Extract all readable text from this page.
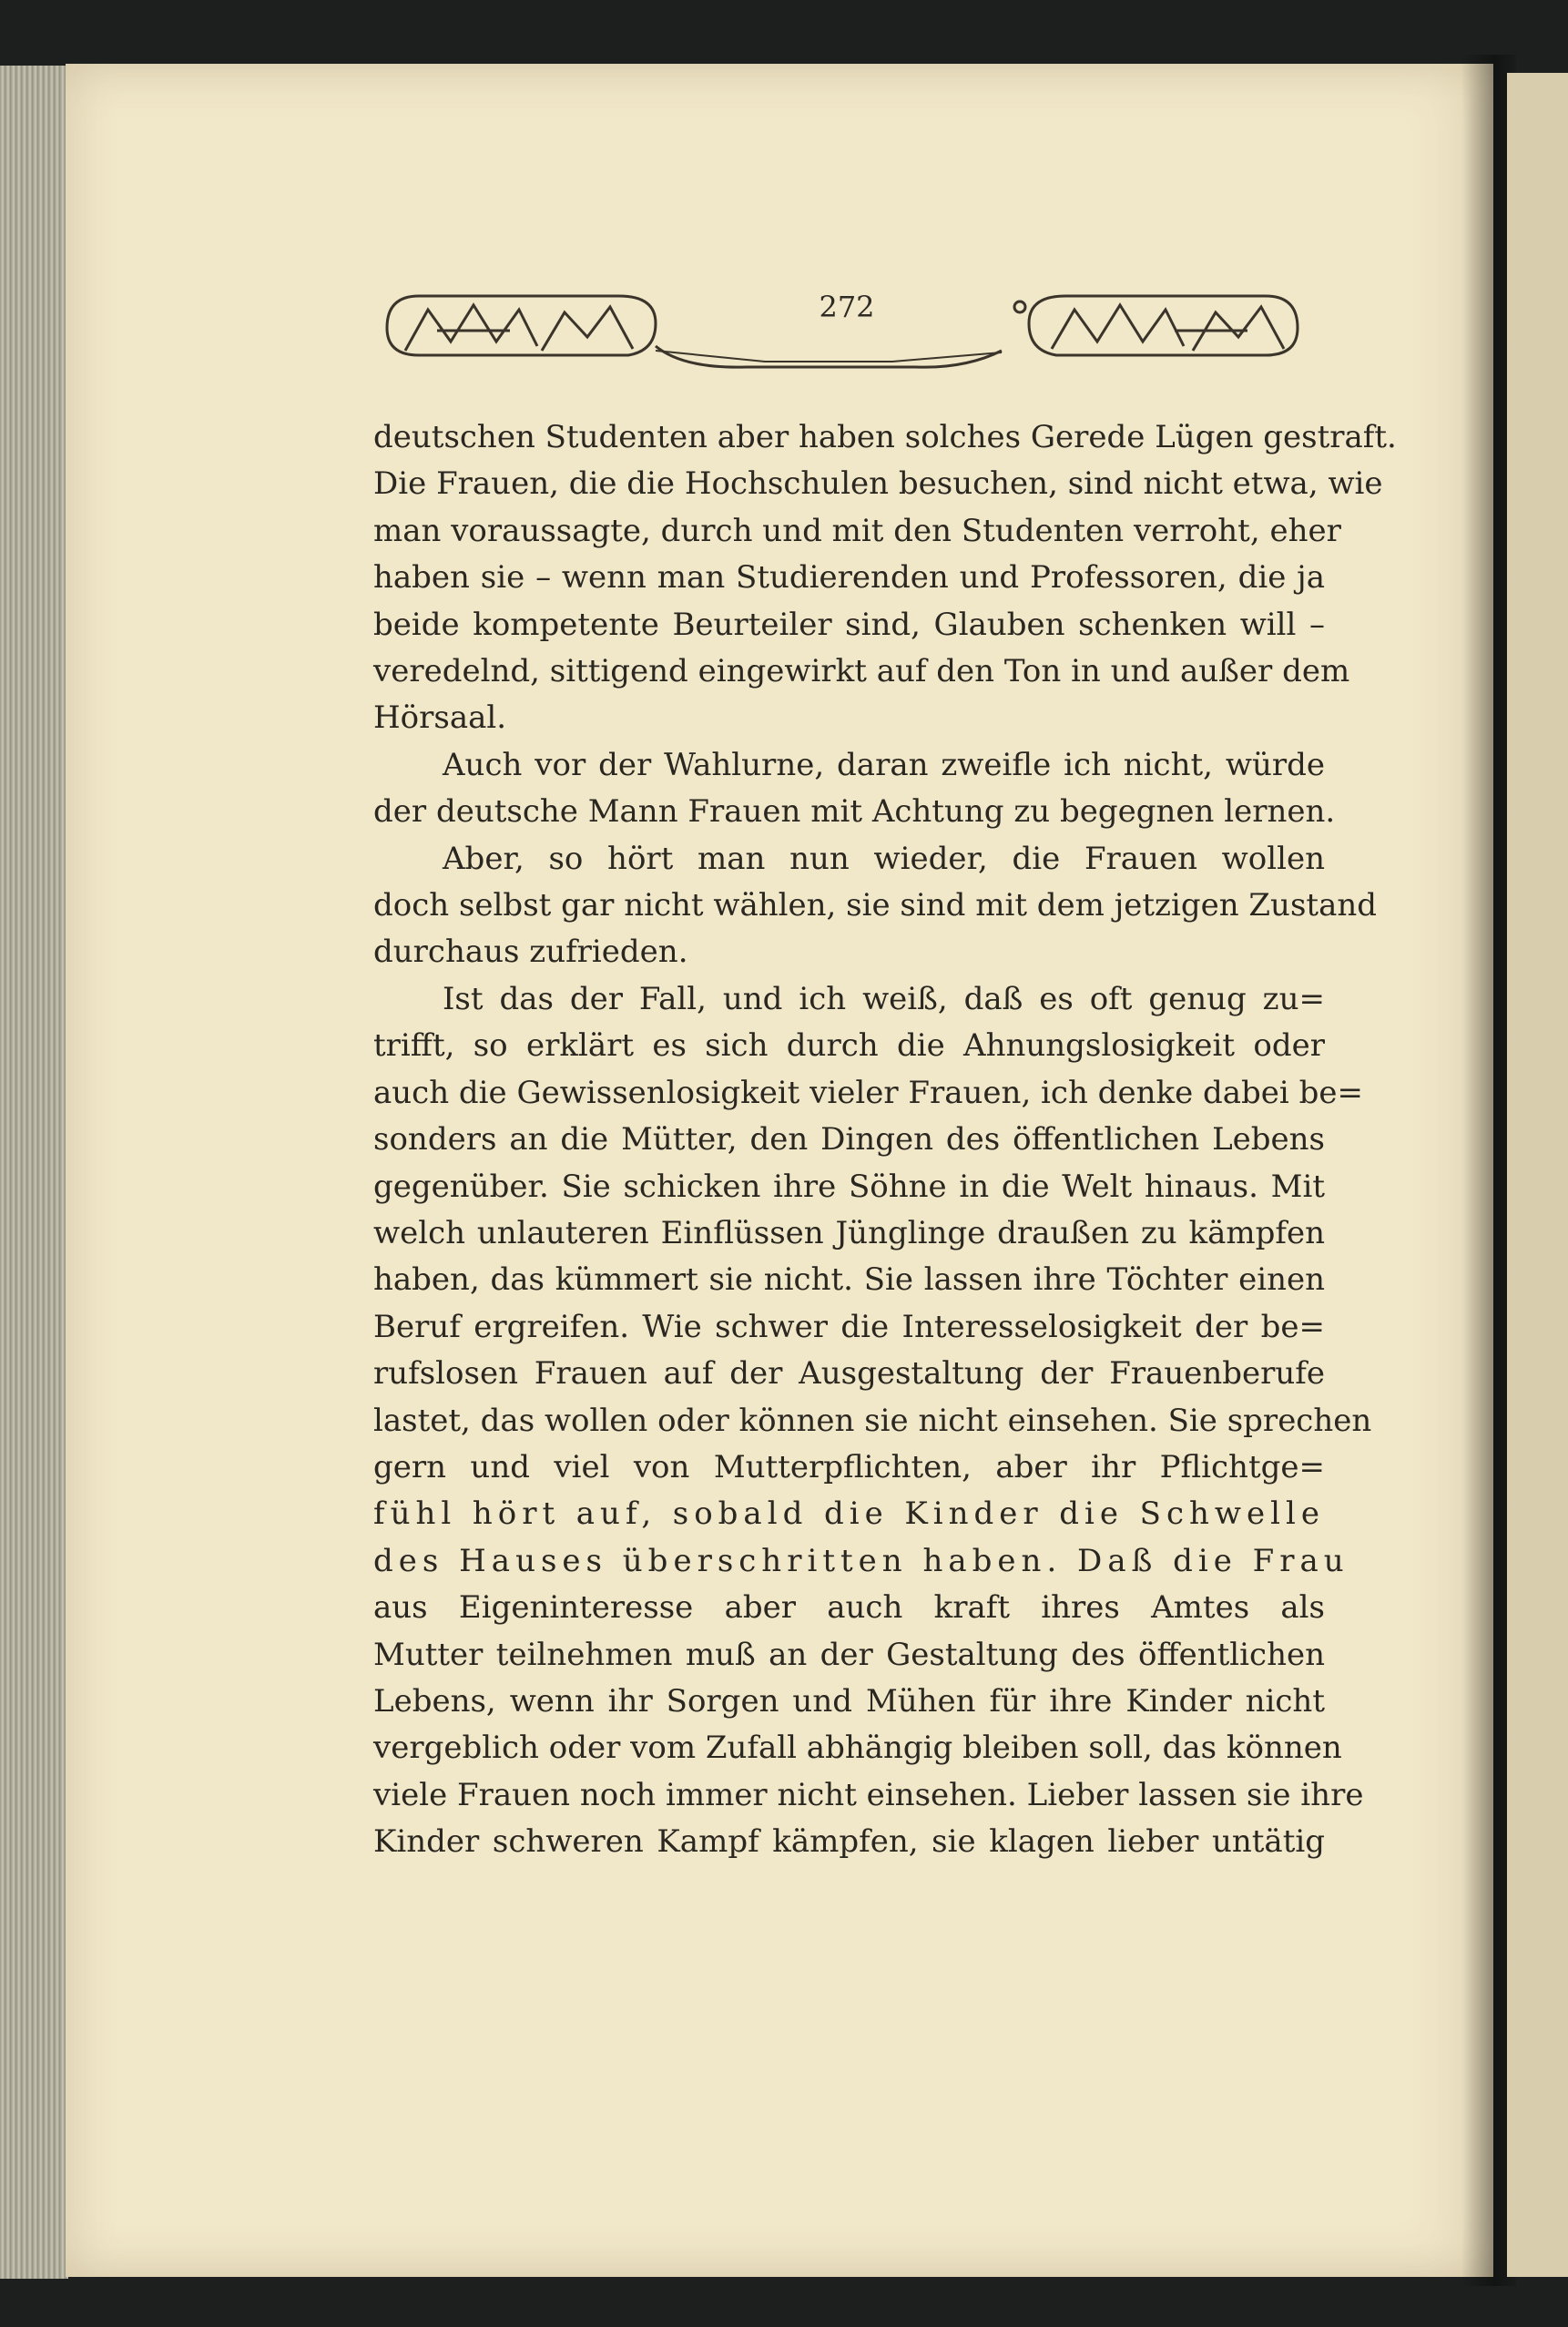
272
deutschen Studenten aber haben solches Gerede Lügen gestraft.
Die Frauen, die die Hochschulen besuchen, sind nicht etwa, wie
man voraussagte, durch und mit den Studenten verroht, eher
haben sie – wenn man Studierenden und Professoren, die ja
beide kompetente Beurteiler sind, Glauben schenken will –
veredelnd, sittigend eingewirkt auf den Ton in und außer dem
Hörsaal.
Auch vor der Wahlurne, daran zweifle ich nicht, würde
der deutsche Mann Frauen mit Achtung zu begegnen lernen.
Aber, so hört man nun wieder, die Frauen wollen
doch selbst gar nicht wählen, sie sind mit dem jetzigen Zustand
durchaus zufrieden.
Ist das der Fall, und ich weiß, daß es oft genug zu=
trifft, so erklärt es sich durch die Ahnungslosigkeit oder
auch die Gewissenlosigkeit vieler Frauen, ich denke dabei be=
sonders an die Mütter, den Dingen des öffentlichen Lebens
gegenüber. Sie schicken ihre Söhne in die Welt hinaus. Mit
welch unlauteren Einflüssen Jünglinge draußen zu kämpfen
haben, das kümmert sie nicht. Sie lassen ihre Töchter einen
Beruf ergreifen. Wie schwer die Interesselosigkeit der be=
rufslosen Frauen auf der Ausgestaltung der Frauenberufe
lastet, das wollen oder können sie nicht einsehen. Sie sprechen
gern und viel von Mutterpflichten, aber ihr Pflichtge=
fühl hört auf, sobald die Kinder die Schwelle
des Hauses überschritten haben. Daß die Frau
aus Eigeninteresse aber auch kraft ihres Amtes als
Mutter teilnehmen muß an der Gestaltung des öffentlichen
Lebens, wenn ihr Sorgen und Mühen für ihre Kinder nicht
vergeblich oder vom Zufall abhängig bleiben soll, das können
viele Frauen noch immer nicht einsehen. Lieber lassen sie ihre
Kinder schweren Kampf kämpfen, sie klagen lieber untätig
